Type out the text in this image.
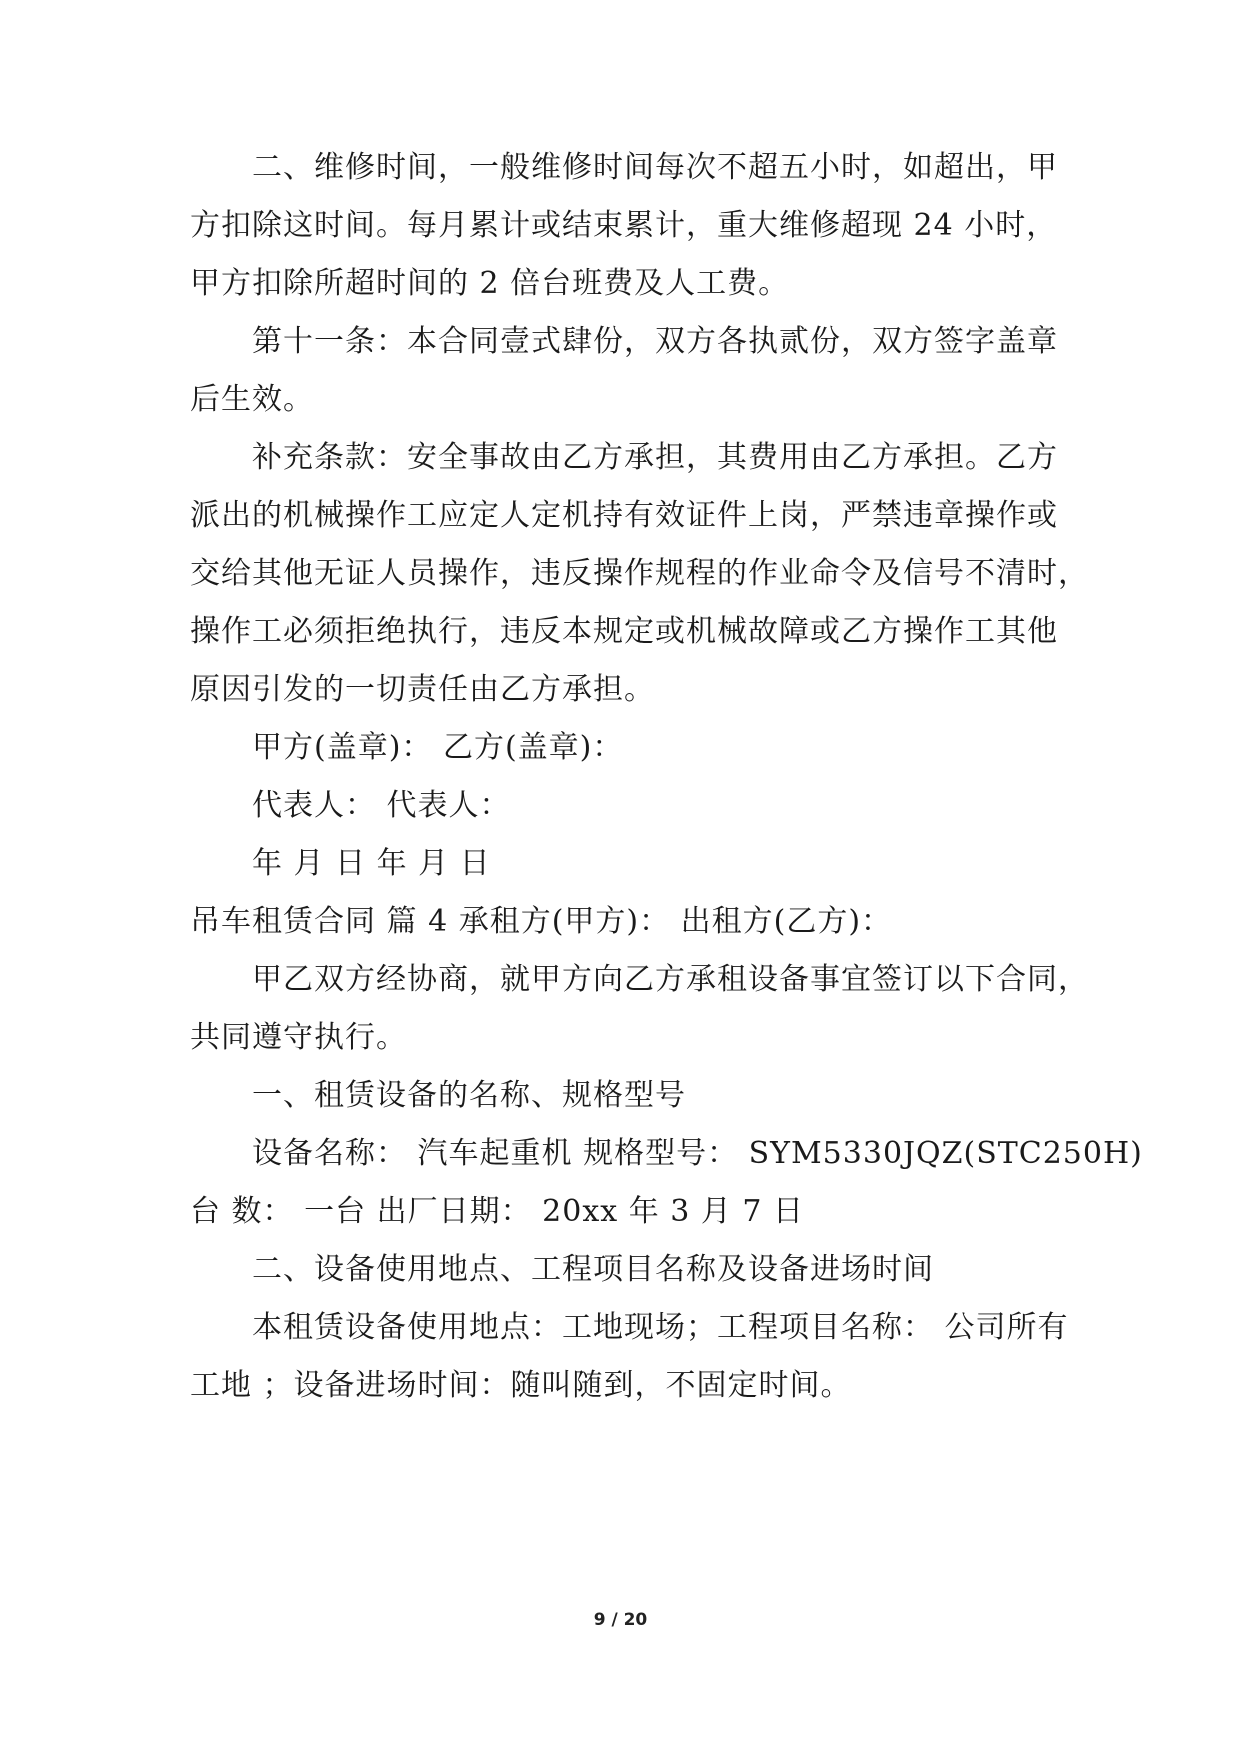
二、维修时间，一般维修时间每次不超五小时，如超出，甲
方扣除这时间。每月累计或结束累计，重大维修超现 24 小时，
甲方扣除所超时间的 2 倍台班费及人工费。
第十一条：本合同壹式肆份，双方各执贰份，双方签字盖章
后生效。
补充条款：安全事故由乙方承担，其费用由乙方承担。乙方
派出的机械操作工应定人定机持有效证件上岗，严禁违章操作或
交给其他无证人员操作，违反操作规程的作业命令及信号不清时，
操作工必须拒绝执行，违反本规定或机械故障或乙方操作工其他
原因引发的一切责任由乙方承担。
甲方(盖章)： 乙方(盖章)：
代表人： 代表人：
年 月 日 年 月 日
吊车租赁合同 篇 4 承租方(甲方)： 出租方(乙方)：
甲乙双方经协商，就甲方向乙方承租设备事宜签订以下合同，
共同遵守执行。
一、租赁设备的名称、规格型号
设备名称： 汽车起重机 规格型号： SYM5330JQZ(STC250H)
台 数： 一台 出厂日期： 20xx 年 3 月 7 日
二、设备使用地点、工程项目名称及设备进场时间
本租赁设备使用地点：工地现场；工程项目名称： 公司所有
工地 ；设备进场时间：随叫随到，不固定时间。
9 / 20
